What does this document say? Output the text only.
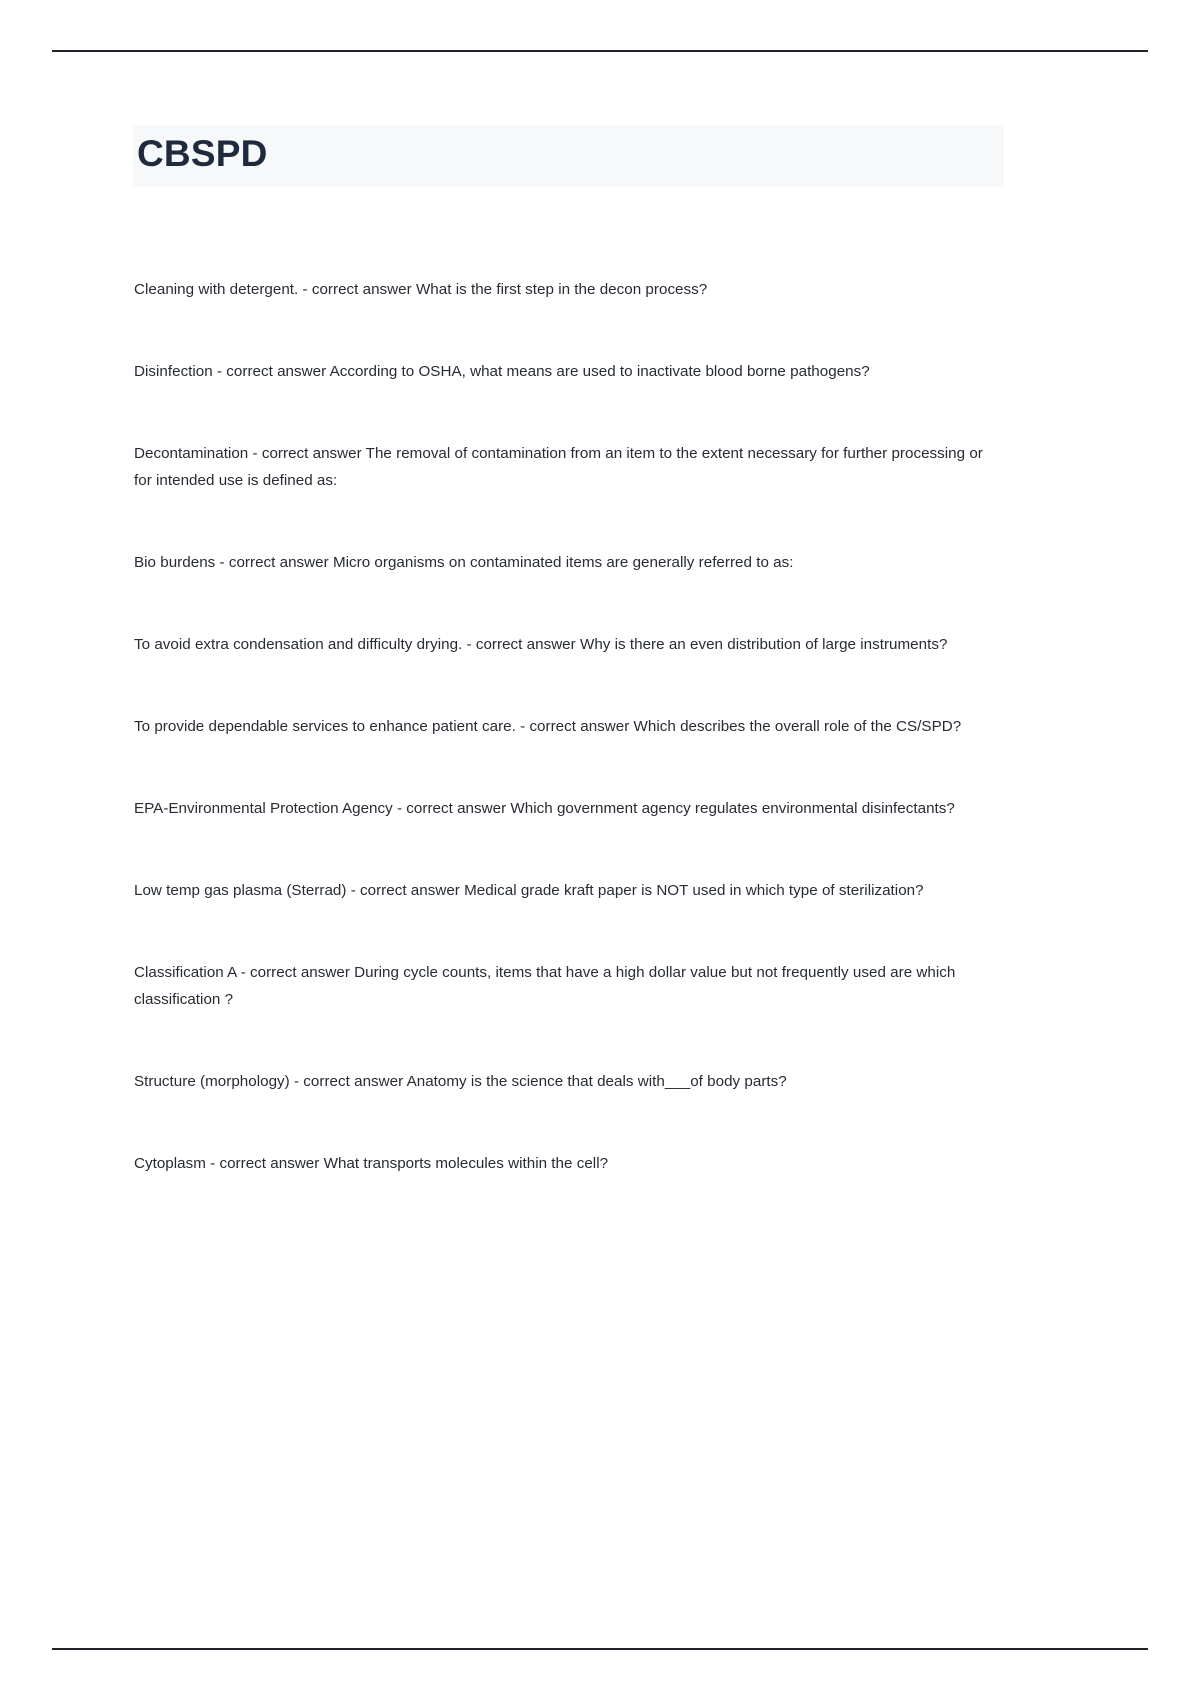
CBSPD

Cleaning with detergent. - correct answer What is the first step in the decon process?

Disinfection - correct answer According to OSHA, what means are used to inactivate blood borne pathogens?

Decontamination - correct answer The removal of contamination from an item to the extent necessary for further processing or for intended use is defined as:

Bio burdens - correct answer Micro organisms on contaminated items are generally referred to as:

To avoid extra condensation and difficulty drying. - correct answer Why is there an even distribution of large instruments?

To provide dependable services to enhance patient care. - correct answer Which describes the overall role of the CS/SPD?

EPA-Environmental Protection Agency - correct answer Which government agency regulates environmental disinfectants?

Low temp gas plasma (Sterrad) - correct answer Medical grade kraft paper is NOT used in which type of sterilization?

Classification A - correct answer During cycle counts, items that have a high dollar value but not frequently used are which classification ?

Structure (morphology) - correct answer Anatomy is the science that deals with___of body parts?

Cytoplasm - correct answer What transports molecules within the cell?
